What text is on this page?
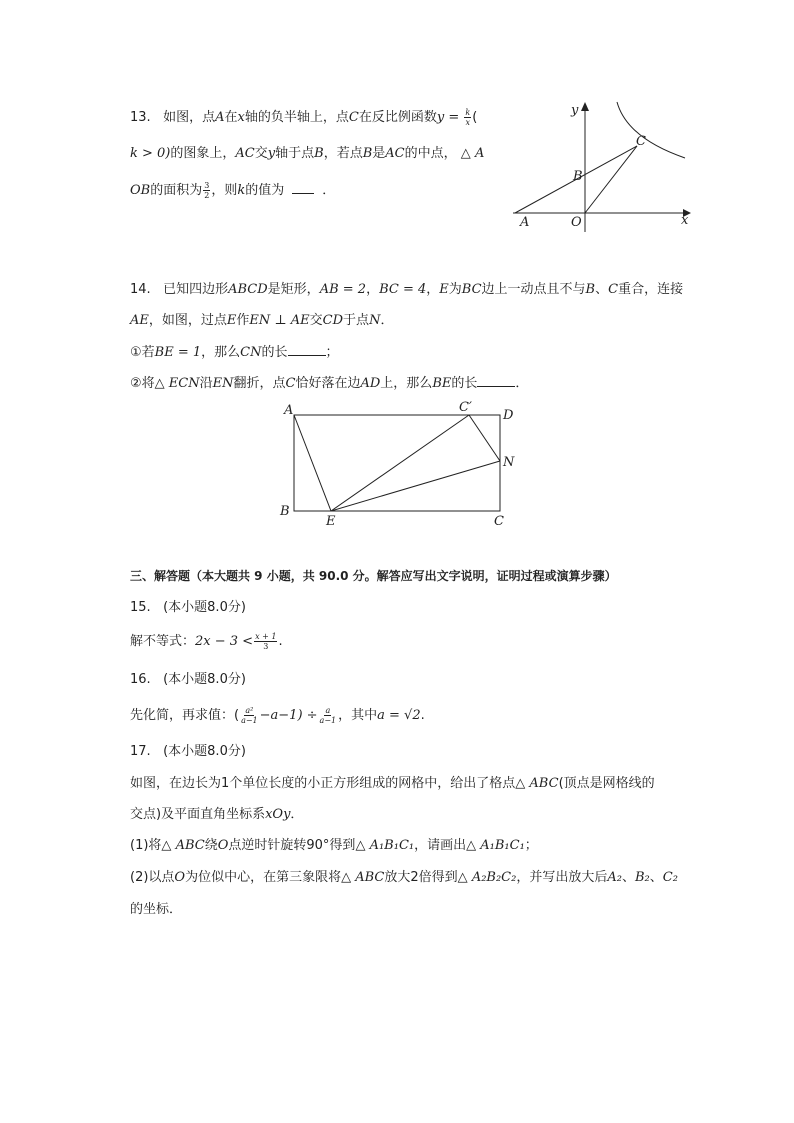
13. 如图，点A在x轴的负半轴上，点C在反比例函数$y = \frac{k}{x}$ (
k > 0)的图象上，AC交y轴于点B，若点B是AC的中点， △ A
OB的面积为 $\frac{3}{2}$ ，则k的值为	．
y
C
B
A	O	x
14. 已知四边形ABCD是矩形，AB = 2，BC = 4，E为BC边上一动点且不与B、C重合，连接
AE，如图，过点E作EN ⊥ AE交CD于点N．
①若BE = 1，那么CN的长	；
②将△ ECN沿EN翻折，点C恰好落在边AD上，那么BE的长	．
A	C′
D
N
B
E	C
三、解答题（本大题共 9 小题，共 90.0 分。解答应写出文字说明，证明过程或演算步骤）
15. (本小题8.0分)
解不等式：$2x - 3 < \frac{x + 1}{3}$ .
16. (本小题8.0分)
先化简，再求值：( $\frac{\text{a²}}{a-1} -a-1) \div \frac{a}{a-1}$ ，其中a = √2.
17. (本小题8.0分)
如图，在边长为1个单位长度的小正方形组成的网格中，给出了格点△ ABC(顶点是网格线的
交点)及平面直角坐标系xOy．
(1)将△ ABC绕O点逆时针旋转90°得到△ A₁B₁C₁，请画出△ A₁B₁C₁；
(2)以点O为位似中心，在第三象限将△ ABC放大2倍得到△ A₂B₂C₂，并写出放大后A₂、B₂、C₂
的坐标．
